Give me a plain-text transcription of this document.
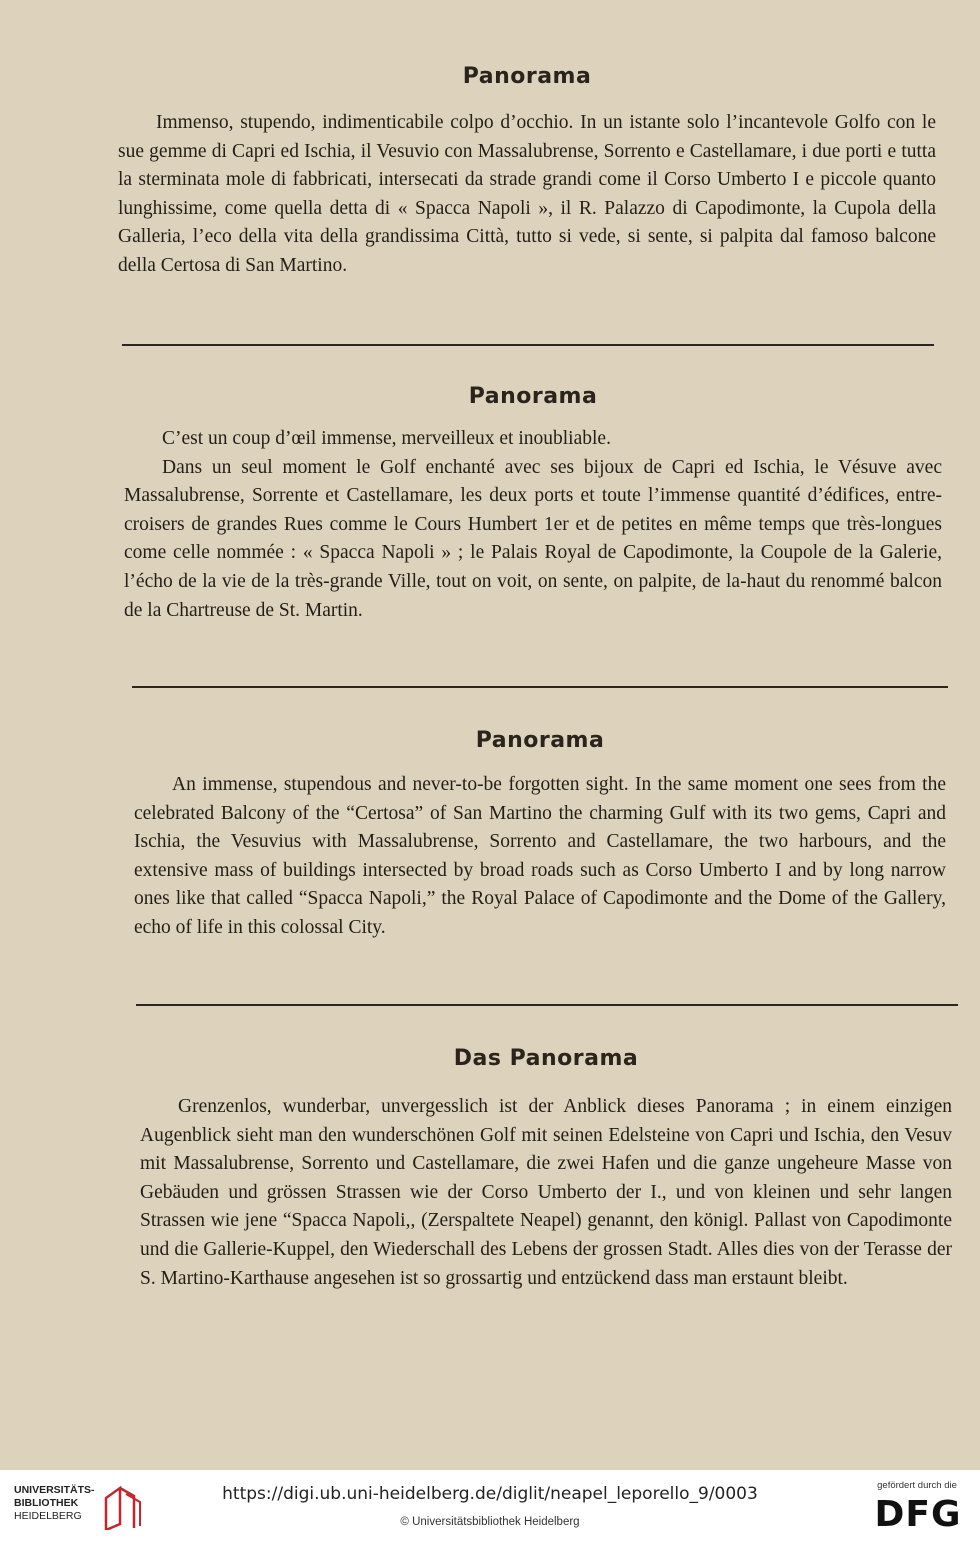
Panorama
Immenso, stupendo, indimenticabile colpo d’occhio. In un istante solo l’incantevole Golfo con le sue gemme di Capri ed Ischia, il Vesuvio con Massalubrense, Sorrento e Castellamare, i due porti e tutta la sterminata mole di fabbricati, intersecati da strade grandi come il Corso Umberto I e piccole quanto lunghissime, come quella detta di « Spacca Napoli », il R. Palazzo di Capodimonte, la Cupola della Galleria, l’eco della vita della grandissima Città, tutto si vede, si sente, si palpita dal famoso balcone della Certosa di San Martino.
Panorama
C’est un coup d’œil immense, merveilleux et inoubliable.
Dans un seul moment le Golf enchanté avec ses bijoux de Capri ed Ischia, le Vésuve avec Massalubrense, Sorrente et Castellamare, les deux ports et toute l’immense quantité d’édifices, entre-croisers de grandes Rues comme le Cours Humbert 1er et de petites en même temps que très-longues come celle nommée : « Spacca Napoli » ; le Palais Royal de Capodimonte, la Coupole de la Galerie, l’écho de la vie de la très-grande Ville, tout on voit, on sente, on palpite, de la-haut du renommé balcon de la Chartreuse de St. Martin.
Panorama
An immense, stupendous and never-to-be forgotten sight. In the same moment one sees from the celebrated Balcony of the “Certosa” of San Martino the charming Gulf with its two gems, Capri and Ischia, the Vesuvius with Massalubrense, Sorrento and Castellamare, the two harbours, and the extensive mass of buildings intersected by broad roads such as Corso Umberto I and by long narrow ones like that called “Spacca Napoli,” the Royal Palace of Capodimonte and the Dome of the Gallery, echo of life in this colossal City.
Das Panorama
Grenzenlos, wunderbar, unvergesslich ist der Anblick dieses Panorama ; in einem einzigen Augenblick sieht man den wunderschönen Golf mit seinen Edelsteine von Capri und Ischia, den Vesuv mit Massalubrense, Sorrento und Castellamare, die zwei Hafen und die ganze ungeheure Masse von Gebäuden und grössen Strassen wie der Corso Umberto der I., und von kleinen und sehr langen Strassen wie jene “Spacca Napoli,, (Zerspaltete Neapel) genannt, den königl. Pallast von Capodimonte und die Gallerie-Kuppel, den Wiederschall des Lebens der grossen Stadt. Alles dies von der Terasse der S. Martino-Karthause angesehen ist so grossartig und entzückend dass man erstaunt bleibt.
UNIVERSITÄTS-
BIBLIOTHEK
HEIDELBERG
https://digi.ub.uni-heidelberg.de/diglit/neapel_leporello_9/0003
© Universitätsbibliothek Heidelberg
gefördert durch die
DFG
